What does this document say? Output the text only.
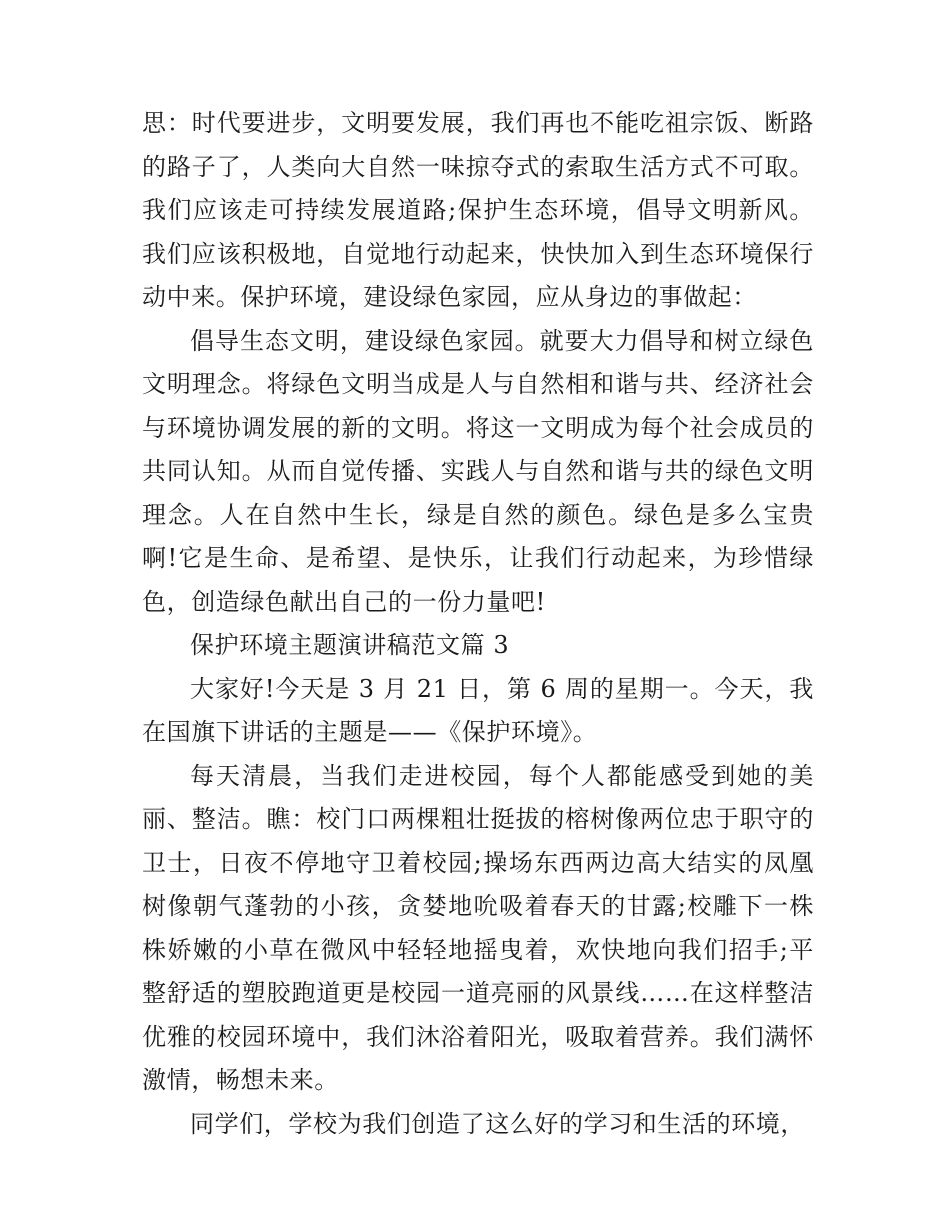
思：时代要进步，文明要发展，我们再也不能吃祖宗饭、断路的路子了，人类向大自然一味掠夺式的索取生活方式不可取。我们应该走可持续发展道路;保护生态环境，倡导文明新风。我们应该积极地，自觉地行动起来，快快加入到生态环境保行动中来。保护环境，建设绿色家园，应从身边的事做起：

倡导生态文明，建设绿色家园。就要大力倡导和树立绿色文明理念。将绿色文明当成是人与自然相和谐与共、经济社会与环境协调发展的新的文明。将这一文明成为每个社会成员的共同认知。从而自觉传播、实践人与自然和谐与共的绿色文明理念。人在自然中生长，绿是自然的颜色。绿色是多么宝贵啊!它是生命、是希望、是快乐，让我们行动起来，为珍惜绿色，创造绿色献出自己的一份力量吧!

保护环境主题演讲稿范文篇 3

大家好!今天是 3 月 21 日，第 6 周的星期一。今天，我在国旗下讲话的主题是——《保护环境》。

每天清晨，当我们走进校园，每个人都能感受到她的美丽、整洁。瞧：校门口两棵粗壮挺拔的榕树像两位忠于职守的卫士，日夜不停地守卫着校园;操场东西两边高大结实的凤凰树像朝气蓬勃的小孩，贪婪地吮吸着春天的甘露;校雕下一株株娇嫩的小草在微风中轻轻地摇曳着，欢快地向我们招手;平整舒适的塑胶跑道更是校园一道亮丽的风景线……在这样整洁优雅的校园环境中，我们沐浴着阳光，吸取着营养。我们满怀激情，畅想未来。

同学们，学校为我们创造了这么好的学习和生活的环境，
